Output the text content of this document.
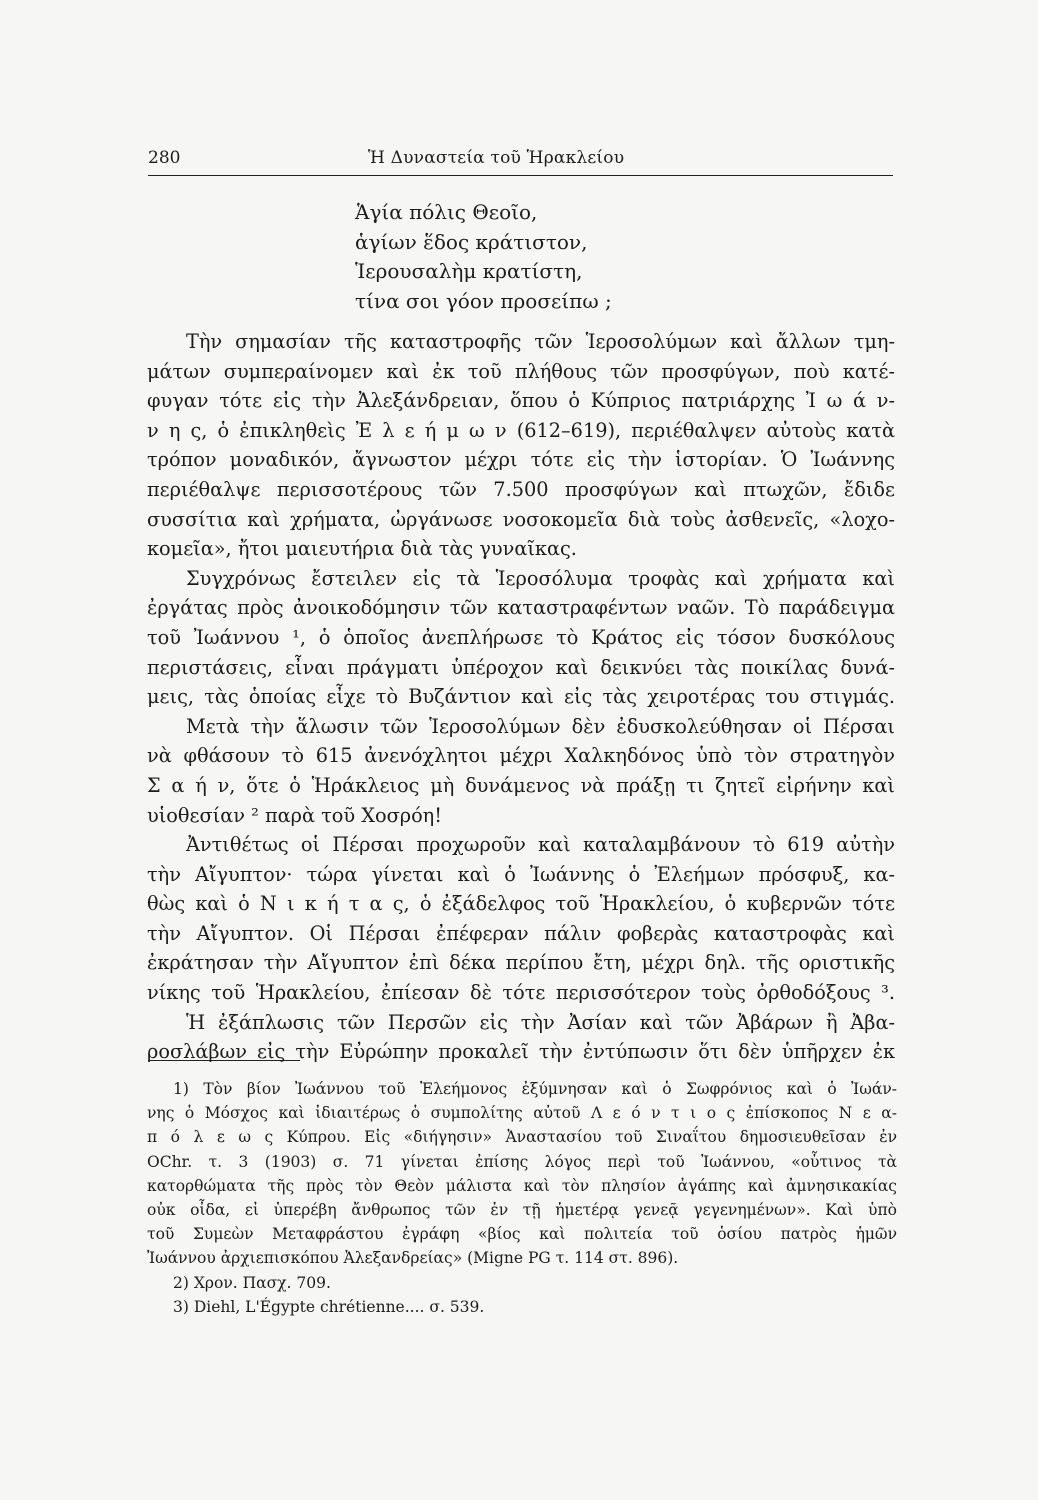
280	Ἡ Δυναστεία τοῦ Ἡρακλείου
Ἁγία πόλις Θεοῖο,
ἁγίων ἕδος κράτιστον,
Ἱερουσαλὴμ κρατίστη,
τίνα σοι γόον προσείπω ;
Τὴν σημασίαν τῆς καταστροφῆς τῶν Ἱεροσολύμων καὶ ἄλλων τμη-
μάτων συμπεραίνομεν καὶ ἐκ τοῦ πλήθους τῶν προσφύγων, ποὺ κατέ-
φυγαν τότε εἰς τὴν Ἀλεξάνδρειαν, ὅπου ὁ Κύπριος πατριάρχης Ἰ ω ά ν-
ν η ς, ὁ ἐπικληθεὶς Ἐ λ ε ή μ ω ν (612–619), περιέθαλψεν αὐτοὺς κατὰ
τρόπον μοναδικόν, ἄγνωστον μέχρι τότε εἰς τὴν ἱστορίαν. Ὁ Ἰωάννης
περιέθαλψε περισσοτέρους τῶν 7.500 προσφύγων καὶ πτωχῶν, ἔδιδε
συσσίτια καὶ χρήματα, ὠργάνωσε νοσοκομεῖα διὰ τοὺς ἀσθενεῖς, «λοχο-
κομεῖα», ἤτοι μαιευτήρια διὰ τὰς γυναῖκας.
Συγχρόνως ἔστειλεν εἰς τὰ Ἱεροσόλυμα τροφὰς καὶ χρήματα καὶ
ἐργάτας πρὸς ἀνοικοδόμησιν τῶν καταστραφέντων ναῶν. Τὸ παράδειγμα
τοῦ Ἰωάννου ¹, ὁ ὁποῖος ἀνεπλήρωσε τὸ Κράτος εἰς τόσον δυσκόλους
περιστάσεις, εἶναι πράγματι ὑπέροχον καὶ δεικνύει τὰς ποικίλας δυνά-
μεις, τὰς ὁποίας εἶχε τὸ Βυζάντιον καὶ εἰς τὰς χειροτέρας του στιγμάς.
Μετὰ τὴν ἅλωσιν τῶν Ἱεροσολύμων δὲν ἐδυσκολεύθησαν οἱ Πέρσαι
νὰ φθάσουν τὸ 615 ἀνενόχλητοι μέχρι Χαλκηδόνος ὑπὸ τὸν στρατηγὸν
Σ α ή ν, ὅτε ὁ Ἡράκλειος μὴ δυνάμενος νὰ πράξῃ τι ζητεῖ εἰρήνην καὶ
υἱοθεσίαν ² παρὰ τοῦ Χοσρόη!
Ἀντιθέτως οἱ Πέρσαι προχωροῦν καὶ καταλαμβάνουν τὸ 619 αὐτὴν
τὴν Αἴγυπτον· τώρα γίνεται καὶ ὁ Ἰωάννης ὁ Ἐλεήμων πρόσφυξ, κα-
θὼς καὶ ὁ Ν ι κ ή τ α ς, ὁ ἐξάδελφος τοῦ Ἡρακλείου, ὁ κυβερνῶν τότε
τὴν Αἴγυπτον. Οἱ Πέρσαι ἐπέφεραν πάλιν φοβερὰς καταστροφὰς καὶ
ἐκράτησαν τὴν Αἴγυπτον ἐπὶ δέκα περίπου ἔτη, μέχρι δηλ. τῆς οριστικῆς
νίκης τοῦ Ἡρακλείου, ἐπίεσαν δὲ τότε περισσότερον τοὺς ὀρθοδόξους ³.
Ἡ ἐξάπλωσις τῶν Περσῶν εἰς τὴν Ἀσίαν καὶ τῶν Ἀβάρων ἢ Ἀβα-
ροσλάβων εἰς τὴν Εὐρώπην προκαλεῖ τὴν ἐντύπωσιν ὅτι δὲν ὑπῆρχεν ἐκ
1) Τὸν βίον Ἰωάννου τοῦ Ἐλεήμονος ἐξύμνησαν καὶ ὁ Σωφρόνιος καὶ ὁ Ἰωάν-
νης ὁ Μόσχος καὶ ἰδιαιτέρως ὁ συμπολίτης αὐτοῦ Λ ε ό ν τ ι ο ς ἐπίσκοπος Ν ε α-
π ό λ ε ω ς Κύπρου. Εἰς «διήγησιν» Ἀναστασίου τοῦ Σιναΐτου δημοσιευθεῖσαν ἐν
OChr. τ. 3 (1903) σ. 71 γίνεται ἐπίσης λόγος περὶ τοῦ Ἰωάννου, «οὗτινος τὰ
κατορθώματα τῆς πρὸς τὸν Θεὸν μάλιστα καὶ τὸν πλησίον ἀγάπης καὶ ἀμνησικακίας
οὐκ οἶδα, εἰ ὑπερέβη ἄνθρωπος τῶν ἐν τῇ ἡμετέρᾳ γενεᾷ γεγενημένων». Καὶ ὑπὸ
τοῦ Συμεὼν Μεταφράστου ἐγράφη «βίος καὶ πολιτεία τοῦ ὁσίου πατρὸς ἡμῶν
Ἰωάννου ἀρχιεπισκόπου Ἀλεξανδρείας» (Migne PG τ. 114 στ. 896).
2) Χρον. Πασχ. 709.
3) Diehl, L'Égypte chrétienne.... σ. 539.
